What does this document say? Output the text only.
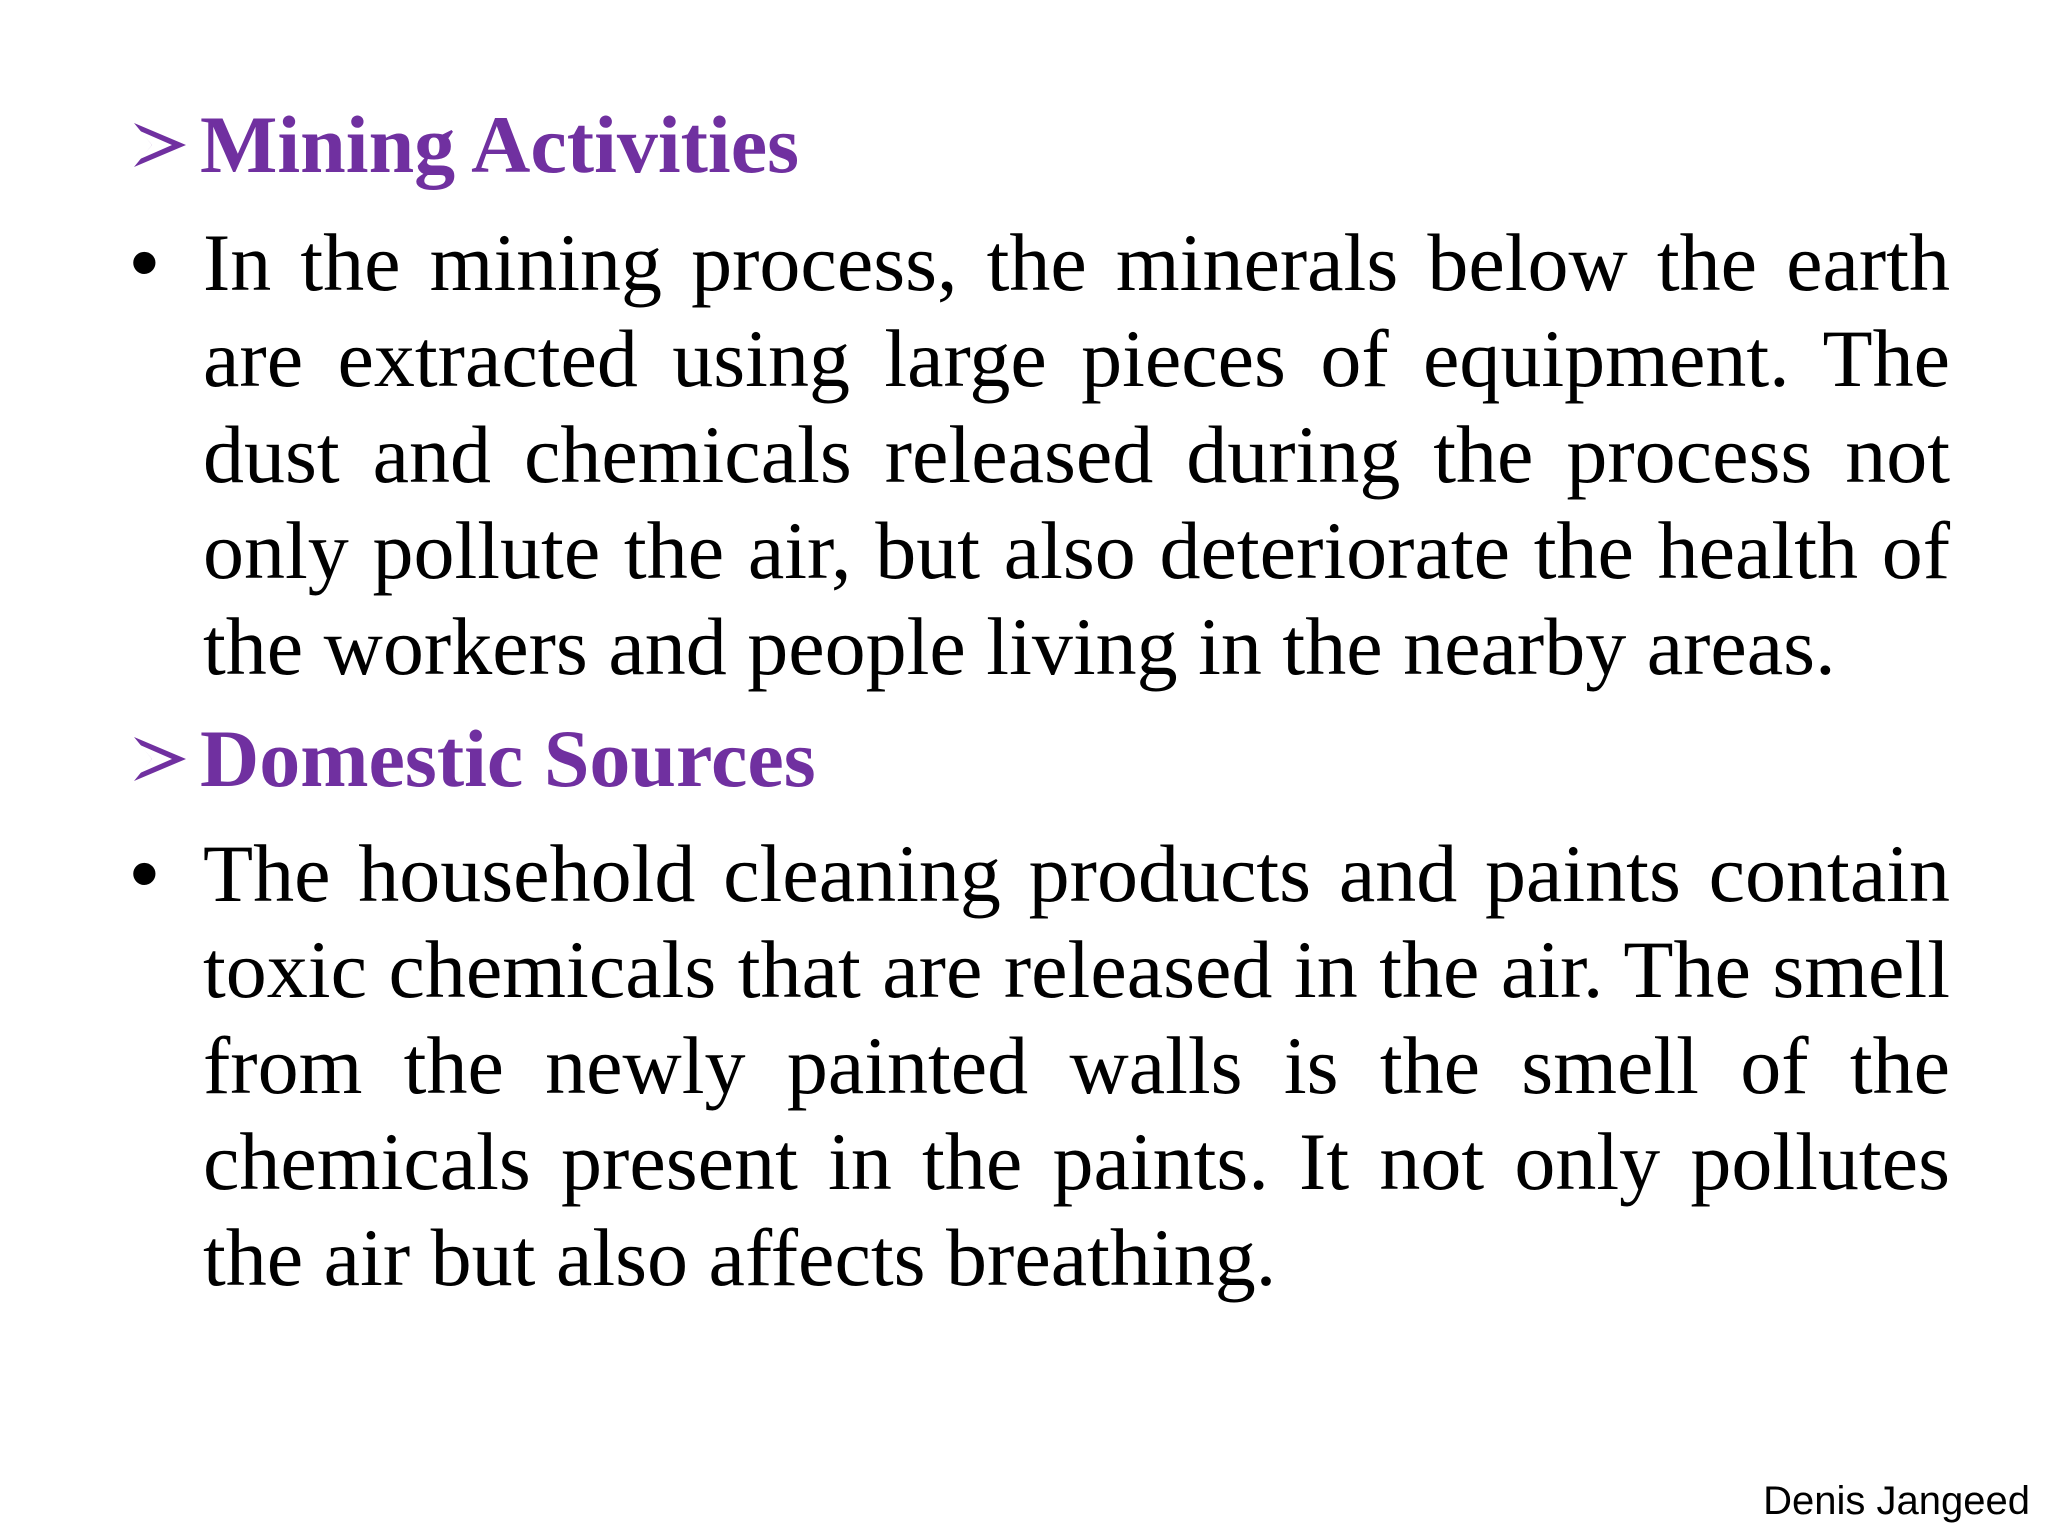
Mining Activities
• In the mining process, the minerals below the earth are extracted using large pieces of equipment. The dust and chemicals released during the process not only pollute the air, but also deteriorate the health of the workers and people living in the nearby areas.

Domestic Sources
• The household cleaning products and paints contain toxic chemicals that are released in the air. The smell from the newly painted walls is the smell of the chemicals present in the paints. It not only pollutes the air but also affects breathing.

Denis Jangeed
